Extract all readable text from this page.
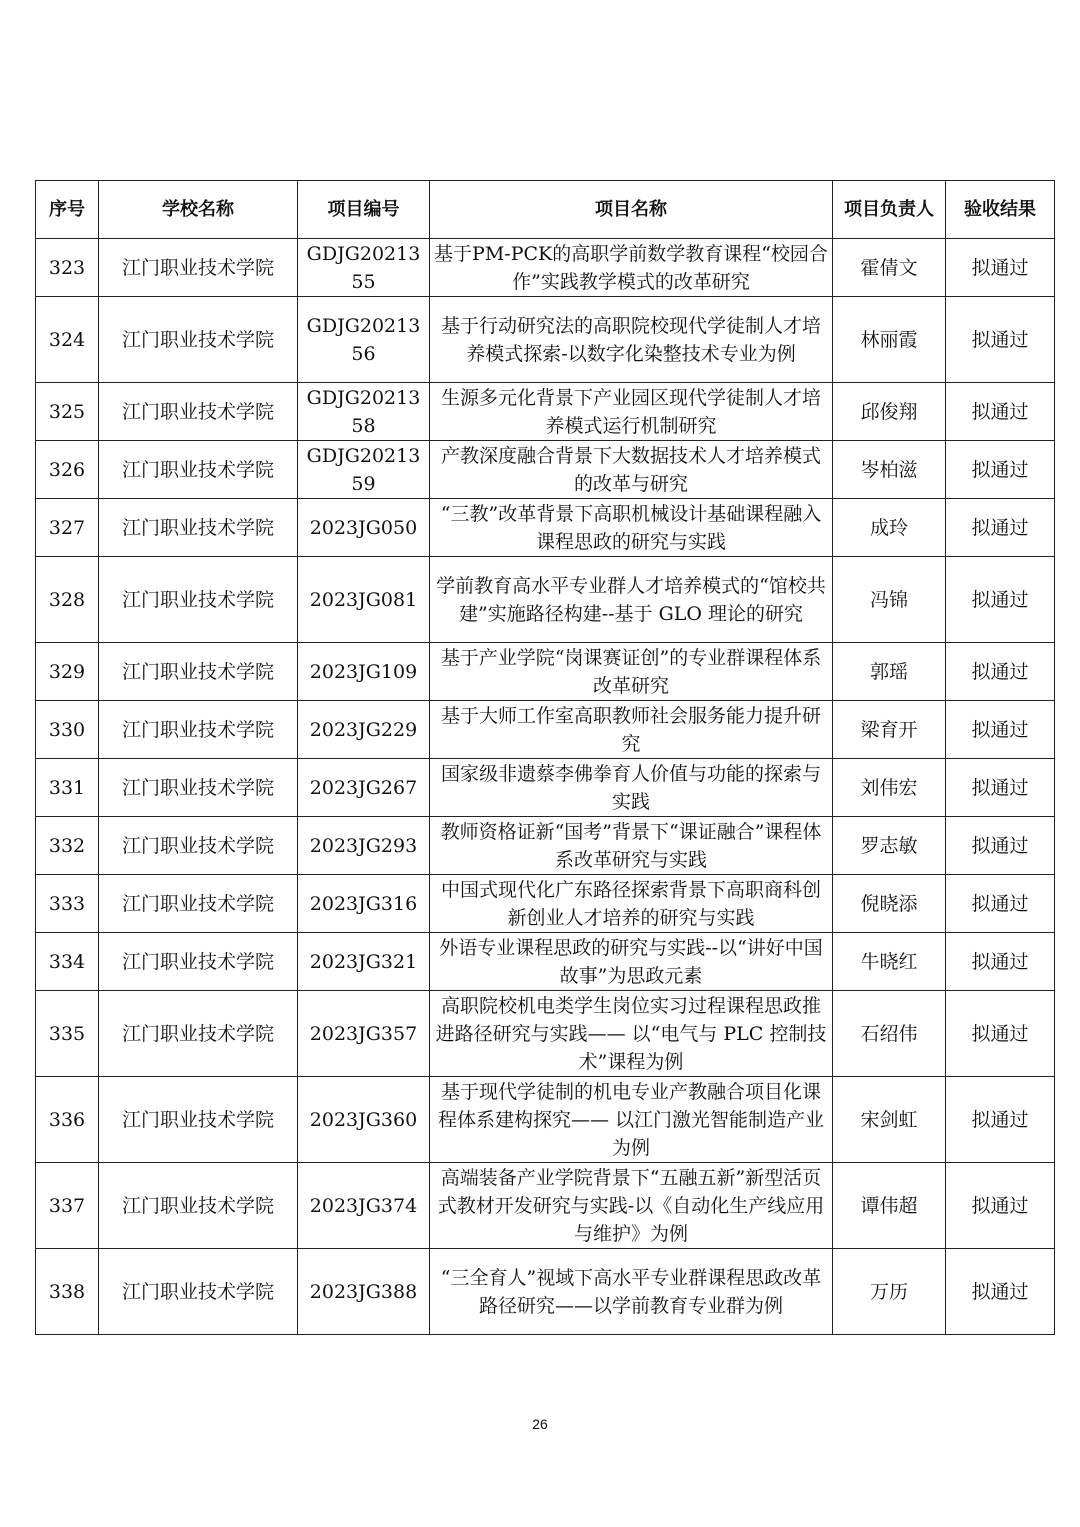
序号	学校名称	项目编号	项目名称	项目负责人	验收结果
323	江门职业技术学院	GDJG2021355	基于PM-PCK的高职学前数学教育课程“校园合作”实践教学模式的改革研究	霍倩文	拟通过
324	江门职业技术学院	GDJG2021356	基于行动研究法的高职院校现代学徒制人才培养模式探索-以数字化染整技术专业为例	林丽霞	拟通过
325	江门职业技术学院	GDJG2021358	生源多元化背景下产业园区现代学徒制人才培养模式运行机制研究	邱俊翔	拟通过
326	江门职业技术学院	GDJG2021359	产教深度融合背景下大数据技术人才培养模式的改革与研究	岑柏滋	拟通过
327	江门职业技术学院	2023JG050	“三教”改革背景下高职机械设计基础课程融入课程思政的研究与实践	成玲	拟通过
328	江门职业技术学院	2023JG081	学前教育高水平专业群人才培养模式的“馆校共建”实施路径构建--基于 GLO 理论的研究	冯锦	拟通过
329	江门职业技术学院	2023JG109	基于产业学院“岗课赛证创”的专业群课程体系改革研究	郭瑶	拟通过
330	江门职业技术学院	2023JG229	基于大师工作室高职教师社会服务能力提升研究	梁育开	拟通过
331	江门职业技术学院	2023JG267	国家级非遗蔡李佛拳育人价值与功能的探索与实践	刘伟宏	拟通过
332	江门职业技术学院	2023JG293	教师资格证新“国考”背景下“课证融合”课程体系改革研究与实践	罗志敏	拟通过
333	江门职业技术学院	2023JG316	中国式现代化广东路径探索背景下高职商科创新创业人才培养的研究与实践	倪晓添	拟通过
334	江门职业技术学院	2023JG321	外语专业课程思政的研究与实践--以“讲好中国故事”为思政元素	牛晓红	拟通过
335	江门职业技术学院	2023JG357	高职院校机电类学生岗位实习过程课程思政推进路径研究与实践—— 以“电气与 PLC 控制技术”课程为例	石绍伟	拟通过
336	江门职业技术学院	2023JG360	基于现代学徒制的机电专业产教融合项目化课程体系建构探究—— 以江门激光智能制造产业为例	宋剑虹	拟通过
337	江门职业技术学院	2023JG374	高端装备产业学院背景下“五融五新”新型活页式教材开发研究与实践-以《自动化生产线应用与维护》为例	谭伟超	拟通过
338	江门职业技术学院	2023JG388	“三全育人”视域下高水平专业群课程思政改革路径研究——以学前教育专业群为例	万历	拟通过
26
